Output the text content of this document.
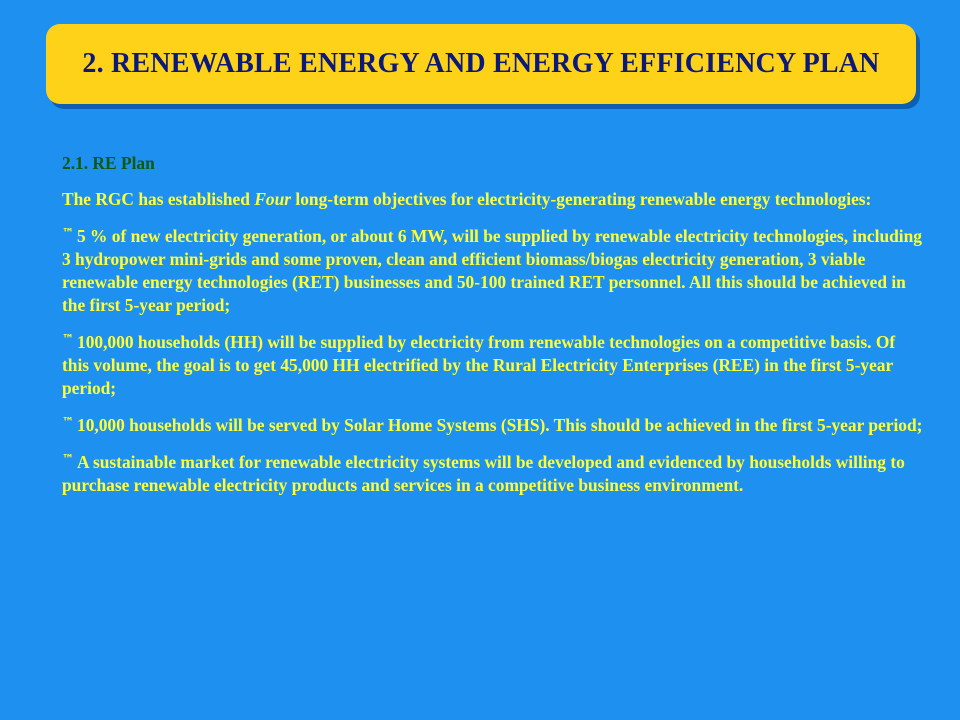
2. RENEWABLE ENERGY AND ENERGY EFFICIENCY PLAN

2.1. RE Plan

The RGC has established Four long-term objectives for electricity-generating renewable energy technologies:

™ 5 % of new electricity generation, or about 6 MW, will be supplied by renewable electricity technologies, including 3 hydropower mini-grids and some proven, clean and efficient biomass/biogas electricity generation, 3 viable renewable energy technologies (RET) businesses and 50-100 trained RET personnel. All this should be achieved in the first 5-year period;

™ 100,000 households (HH) will be supplied by electricity from renewable technologies on a competitive basis. Of this volume, the goal is to get 45,000 HH electrified by the Rural Electricity Enterprises (REE) in the first 5-year period;

™ 10,000 households will be served by Solar Home Systems (SHS). This should be achieved in the first 5-year period;

™ A sustainable market for renewable electricity systems will be developed and evidenced by households willing to purchase renewable electricity products and services in a competitive business environment.
